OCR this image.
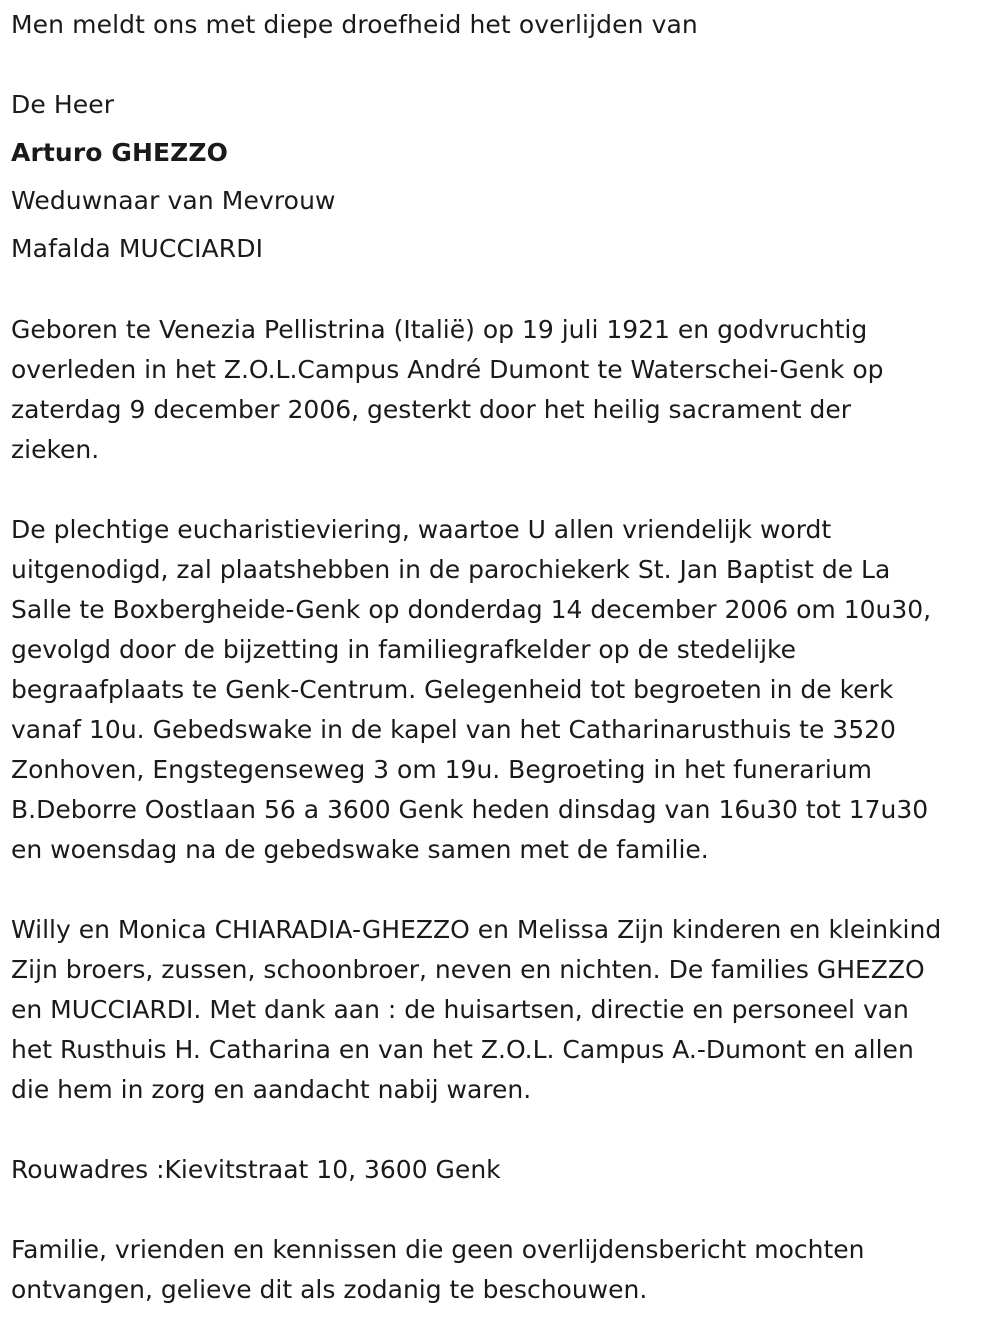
Men meldt ons met diepe droefheid het overlijden van
De Heer
Arturo GHEZZO
Weduwnaar van Mevrouw
Mafalda MUCCIARDI
Geboren te Venezia Pellistrina (Italië) op 19 juli 1921 en godvruchtig
overleden in het Z.O.L.Campus André Dumont te Waterschei-Genk op
zaterdag 9 december 2006, gesterkt door het heilig sacrament der
zieken.
De plechtige eucharistieviering, waartoe U allen vriendelijk wordt
uitgenodigd, zal plaatshebben in de parochiekerk St. Jan Baptist de La
Salle te Boxbergheide-Genk op donderdag 14 december 2006 om 10u30,
gevolgd door de bijzetting in familiegrafkelder op de stedelijke
begraafplaats te Genk-Centrum. Gelegenheid tot begroeten in de kerk
vanaf 10u. Gebedswake in de kapel van het Catharinarusthuis te 3520
Zonhoven, Engstegenseweg 3 om 19u. Begroeting in het funerarium
B.Deborre Oostlaan 56 a 3600 Genk heden dinsdag van 16u30 tot 17u30
en woensdag na de gebedswake samen met de familie.
Willy en Monica CHIARADIA-GHEZZO en Melissa Zijn kinderen en kleinkind
Zijn broers, zussen, schoonbroer, neven en nichten. De families GHEZZO
en MUCCIARDI. Met dank aan : de huisartsen, directie en personeel van
het Rusthuis H. Catharina en van het Z.O.L. Campus A.-Dumont en allen
die hem in zorg en aandacht nabij waren.
Rouwadres :Kievitstraat 10, 3600 Genk
Familie, vrienden en kennissen die geen overlijdensbericht mochten
ontvangen, gelieve dit als zodanig te beschouwen.
